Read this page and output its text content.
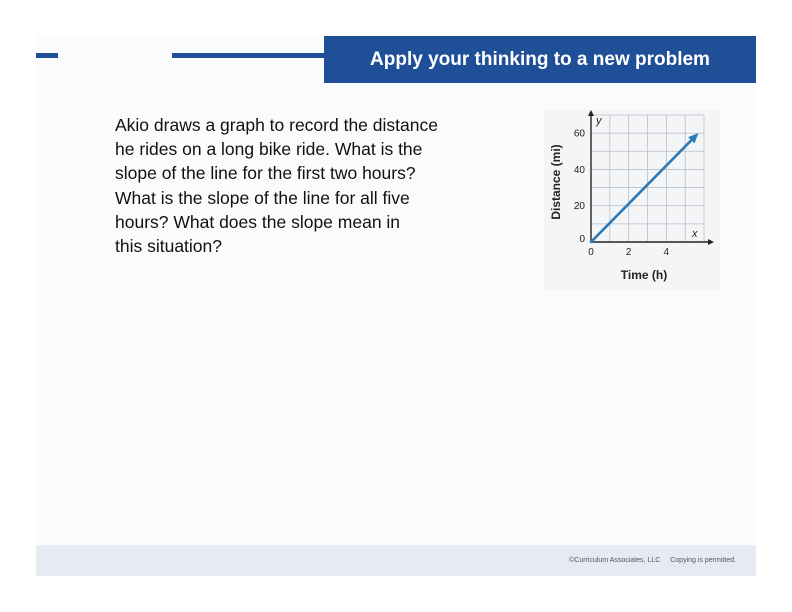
Apply your thinking to a new problem
Akio draws a graph to record the distance
he rides on a long bike ride. What is the
slope of the line for the first two hours?
What is the slope of the line for all five
hours? What does the slope mean in
this situation?	0	2	4
0
20
40
60
x
y
Time (h)
Distance (mi)
©Curriculum Associates, LLC Copying is permitted.
